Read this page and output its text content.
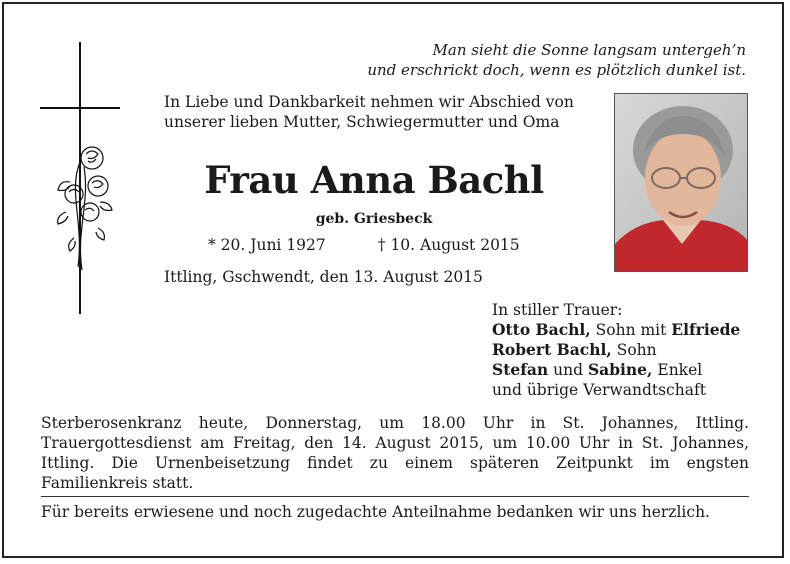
Man sieht die Sonne langsam untergeh’n
und erschrickt doch, wenn es plötzlich dunkel ist.
In Liebe und Dankbarkeit nehmen wir Abschied von unserer lieben Mutter, Schwiegermutter und Oma
Frau Anna Bachl
geb. Griesbeck
* 20. Juni 1927	† 10. August 2015
Ittling, Gschwendt, den 13. August 2015
In stiller Trauer:
Otto Bachl, Sohn mit Elfriede
Robert Bachl, Sohn
Stefan und Sabine, Enkel
und übrige Verwandtschaft
Sterberosenkranz heute, Donnerstag, um 18.00 Uhr in St. Johannes, Ittling. Trauergottesdienst am Freitag, den 14. August 2015, um 10.00 Uhr in St. Johannes, Ittling. Die Urnenbeisetzung findet zu einem späteren Zeitpunkt im engsten Familienkreis statt.
Für bereits erwiesene und noch zugedachte Anteilnahme bedanken wir uns herzlich.
